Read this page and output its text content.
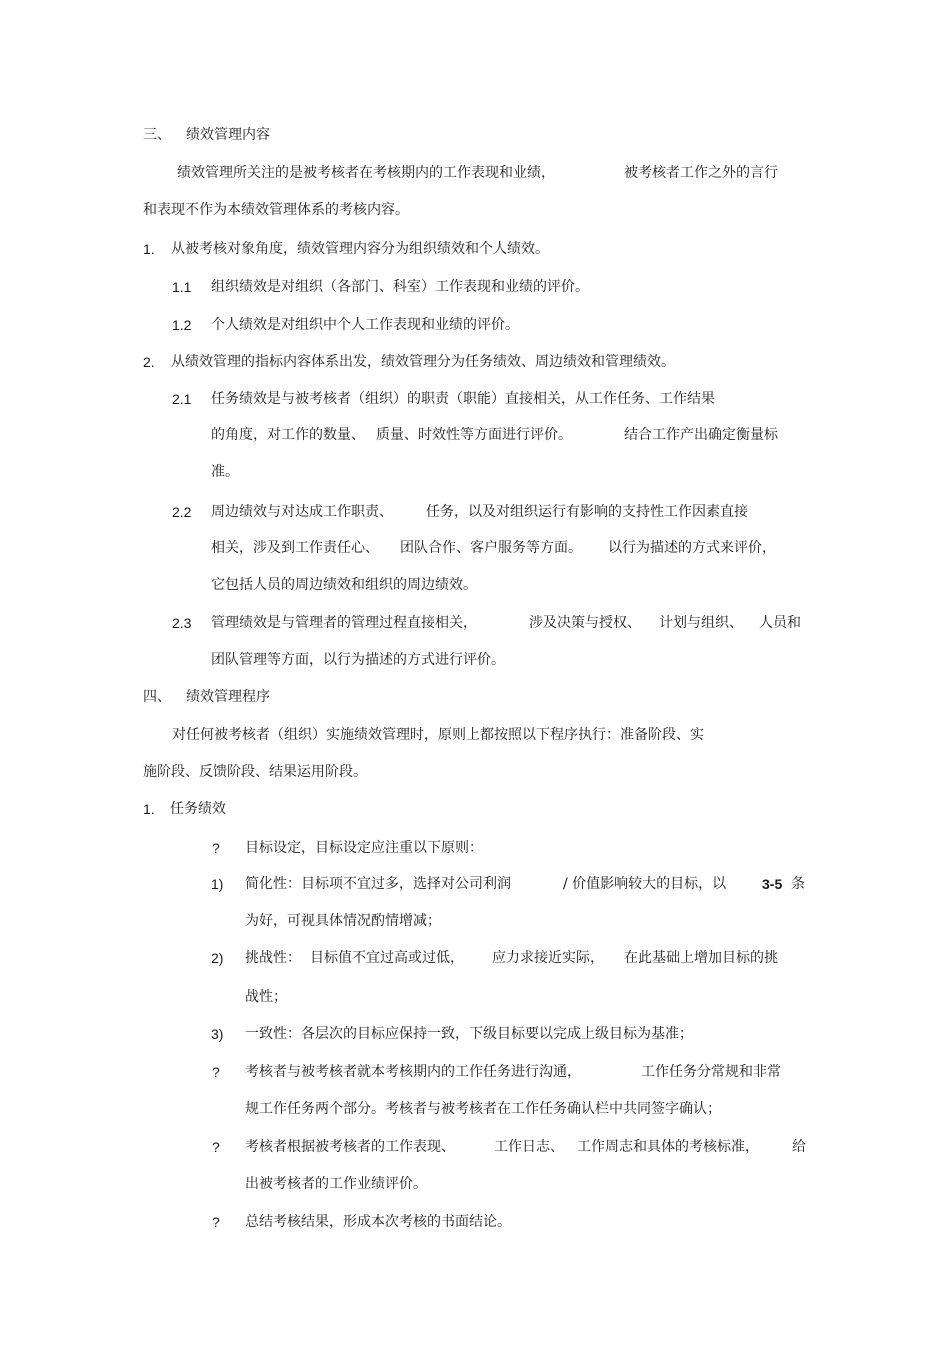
三、 绩效管理内容
绩效管理所关注的是被考核者在考核期内的工作表现和业绩，	被考核者工作之外的言行
和表现不作为本绩效管理体系的考核内容。
1. 从被考核对象角度，绩效管理内容分为组织绩效和个人绩效。
1.1 组织绩效是对组织（各部门、科室）工作表现和业绩的评价。
1.2 个人绩效是对组织中个人工作表现和业绩的评价。
2. 从绩效管理的指标内容体系出发，绩效管理分为任务绩效、周边绩效和管理绩效。
2.1 任务绩效是与被考核者（组织）的职责（职能）直接相关，从工作任务、工作结果
的角度，对工作的数量、 质量、时效性等方面进行评价。	结合工作产出确定衡量标
准。
2.2 周边绩效与对达成工作职责、 任务，以及对组织运行有影响的支持性工作因素直接
相关，涉及到工作责任心、 团队合作、客户服务等方面。 以行为描述的方式来评价，
它包括人员的周边绩效和组织的周边绩效。
2.3 管理绩效是与管理者的管理过程直接相关，	涉及决策与授权、 计划与组织、 人员和
团队管理等方面，以行为描述的方式进行评价。
四、 绩效管理程序
对任何被考核者（组织）实施绩效管理时，原则上都按照以下程序执行：准备阶段、实
施阶段、反馈阶段、结果运用阶段。
1. 任务绩效
? 目标设定，目标设定应注重以下原则：
1) 简化性：目标项不宜过多，选择对公司利润	/ 价值影响较大的目标，以	3-5 条
为好，可视具体情况酌情增减；
2) 挑战性： 目标值不宜过高或过低， 应力求接近实际， 在此基础上增加目标的挑
战性；
3) 一致性：各层次的目标应保持一致，下级目标要以完成上级目标为基准；
? 考核者与被考核者就本考核期内的工作任务进行沟通，	工作任务分常规和非常
规工作任务两个部分。考核者与被考核者在工作任务确认栏中共同签字确认；
? 考核者根据被考核者的工作表现、	工作日志、 工作周志和具体的考核标准， 给
出被考核者的工作业绩评价。
? 总结考核结果，形成本次考核的书面结论。
